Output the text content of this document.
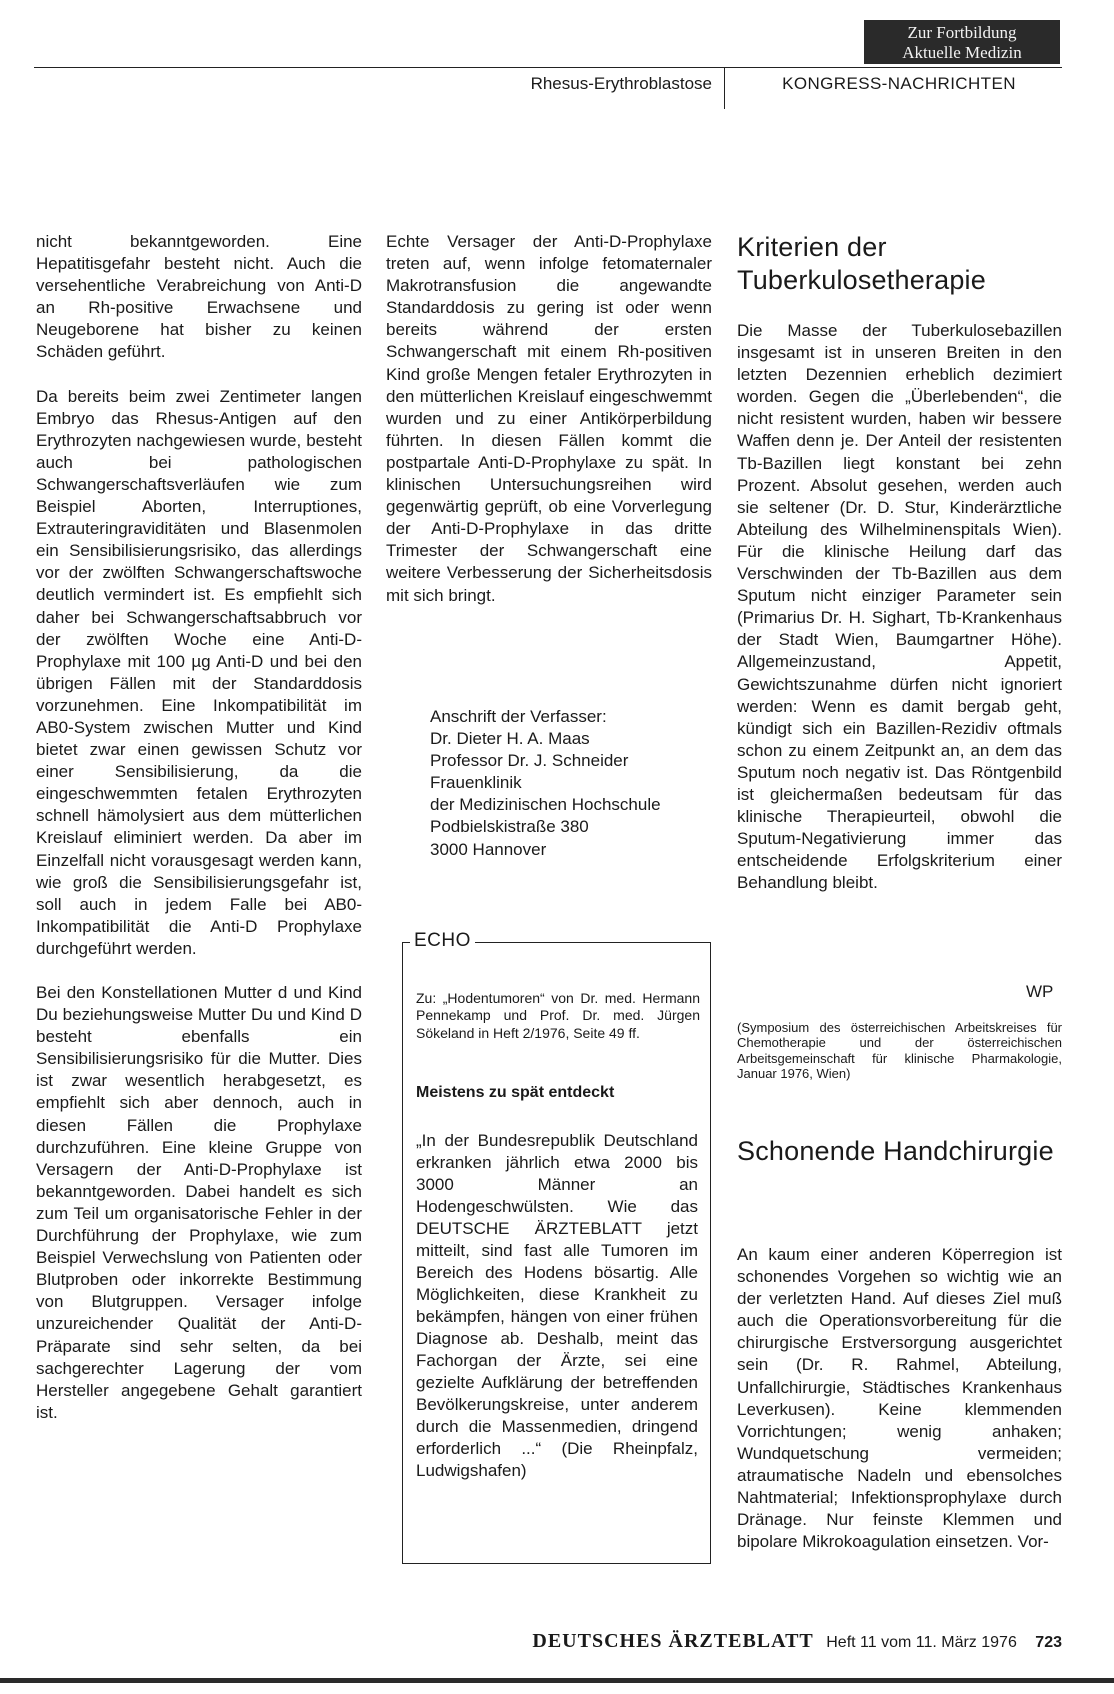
Zur Fortbildung
Aktuelle Medizin
Rhesus-Erythroblastose	KONGRESS-NACHRICHTEN

nicht bekanntgeworden. Eine Hepatitisgefahr besteht nicht. Auch die versehentliche Verabreichung von Anti-D an Rh-positive Erwachsene und Neugeborene hat bisher zu keinen Schäden geführt.

Da bereits beim zwei Zentimeter langen Embryo das Rhesus-Antigen auf den Erythrozyten nachgewiesen wurde, besteht auch bei pathologischen Schwangerschaftsverläufen wie zum Beispiel Aborten, Interruptiones, Extrauteringraviditäten und Blasenmolen ein Sensibilisierungsrisiko, das allerdings vor der zwölften Schwangerschaftswoche deutlich vermindert ist. Es empfiehlt sich daher bei Schwangerschaftsabbruch vor der zwölften Woche eine Anti-D-Prophylaxe mit 100 µg Anti-D und bei den übrigen Fällen mit der Standarddosis vorzunehmen. Eine Inkompatibilität im AB0-System zwischen Mutter und Kind bietet zwar einen gewissen Schutz vor einer Sensibilisierung, da die eingeschwemmten fetalen Erythrozyten schnell hämolysiert aus dem mütterlichen Kreislauf eliminiert werden. Da aber im Einzelfall nicht vorausgesagt werden kann, wie groß die Sensibilisierungsgefahr ist, soll auch in jedem Falle bei AB0-Inkompatibilität die Anti-D Prophylaxe durchgeführt werden.

Bei den Konstellationen Mutter d und Kind Du beziehungsweise Mutter Du und Kind D besteht ebenfalls ein Sensibilisierungsrisiko für die Mutter. Dies ist zwar wesentlich herabgesetzt, es empfiehlt sich aber dennoch, auch in diesen Fällen die Prophylaxe durchzuführen. Eine kleine Gruppe von Versagern der Anti-D-Prophylaxe ist bekanntgeworden. Dabei handelt es sich zum Teil um organisatorische Fehler in der Durchführung der Prophylaxe, wie zum Beispiel Verwechslung von Patienten oder Blutproben oder inkorrekte Bestimmung von Blutgruppen. Versager infolge unzureichender Qualität der Anti-D-Präparate sind sehr selten, da bei sachgerechter Lagerung der vom Hersteller angegebene Gehalt garantiert ist.

Echte Versager der Anti-D-Prophylaxe treten auf, wenn infolge fetomaternaler Makrotransfusion die angewandte Standarddosis zu gering ist oder wenn bereits während der ersten Schwangerschaft mit einem Rh-positiven Kind große Mengen fetaler Erythrozyten in den mütterlichen Kreislauf eingeschwemmt wurden und zu einer Antikörperbildung führten. In diesen Fällen kommt die postpartale Anti-D-Prophylaxe zu spät. In klinischen Untersuchungsreihen wird gegenwärtig geprüft, ob eine Vorverlegung der Anti-D-Prophylaxe in das dritte Trimester der Schwangerschaft eine weitere Verbesserung der Sicherheitsdosis mit sich bringt.

Anschrift der Verfasser:
Dr. Dieter H. A. Maas
Professor Dr. J. Schneider
Frauenklinik
der Medizinischen Hochschule
Podbielskistraße 380
3000 Hannover
ECHO
Zu: „Hodentumoren“ von Dr. med. Hermann Pennekamp und Prof. Dr. med. Jürgen Sökeland in Heft 2/1976, Seite 49 ff.
Meistens zu spät entdeckt
„In der Bundesrepublik Deutschland erkranken jährlich etwa 2000 bis 3000 Männer an Hodengeschwülsten. Wie das DEUTSCHE ÄRZTEBLATT jetzt mitteilt, sind fast alle Tumoren im Bereich des Hodens bösartig. Alle Möglichkeiten, diese Krankheit zu bekämpfen, hängen von einer frühen Diagnose ab. Deshalb, meint das Fachorgan der Ärzte, sei eine gezielte Aufklärung der betreffenden Bevölkerungskreise, unter anderem durch die Massenmedien, dringend erforderlich ...“ (Die Rheinpfalz, Ludwigshafen)
Kriterien der Tuberkulosetherapie
Die Masse der Tuberkulosebazillen insgesamt ist in unseren Breiten in den letzten Dezennien erheblich dezimiert worden. Gegen die „Überlebenden“, die nicht resistent wurden, haben wir bessere Waffen denn je. Der Anteil der resistenten Tb-Bazillen liegt konstant bei zehn Prozent. Absolut gesehen, werden auch sie seltener (Dr. D. Stur, Kinderärztliche Abteilung des Wilhelminenspitals Wien). Für die klinische Heilung darf das Verschwinden der Tb-Bazillen aus dem Sputum nicht einziger Parameter sein (Primarius Dr. H. Sighart, Tb-Krankenhaus der Stadt Wien, Baumgartner Höhe). Allgemeinzustand, Appetit, Gewichtszunahme dürfen nicht ignoriert werden: Wenn es damit bergab geht, kündigt sich ein Bazillen-Rezidiv oftmals schon zu einem Zeitpunkt an, an dem das Sputum noch negativ ist. Das Röntgenbild ist gleichermaßen bedeutsam für das klinische Therapieurteil, obwohl die Sputum-Negativierung immer das entscheidende Erfolgskriterium einer Behandlung bleibt.
WP
(Symposium des österreichischen Arbeitskreises für Chemotherapie und der österreichischen Arbeitsgemeinschaft für klinische Pharmakologie, Januar 1976, Wien)
Schonende Handchirurgie
An kaum einer anderen Köperregion ist schonendes Vorgehen so wichtig wie an der verletzten Hand. Auf dieses Ziel muß auch die Operationsvorbereitung für die chirurgische Erstversorgung ausgerichtet sein (Dr. R. Rahmel, Abteilung, Unfallchirurgie, Städtisches Krankenhaus Leverkusen). Keine klemmenden Vorrichtungen; wenig anhaken; Wundquetschung vermeiden; atraumatische Nadeln und ebensolches Nahtmaterial; Infektionsprophylaxe durch Dränage. Nur feinste Klemmen und bipolare Mikrokoagulation einsetzen. Vor-
DEUTSCHES ÄRZTEBLATT Heft 11 vom 11. März 1976 723
